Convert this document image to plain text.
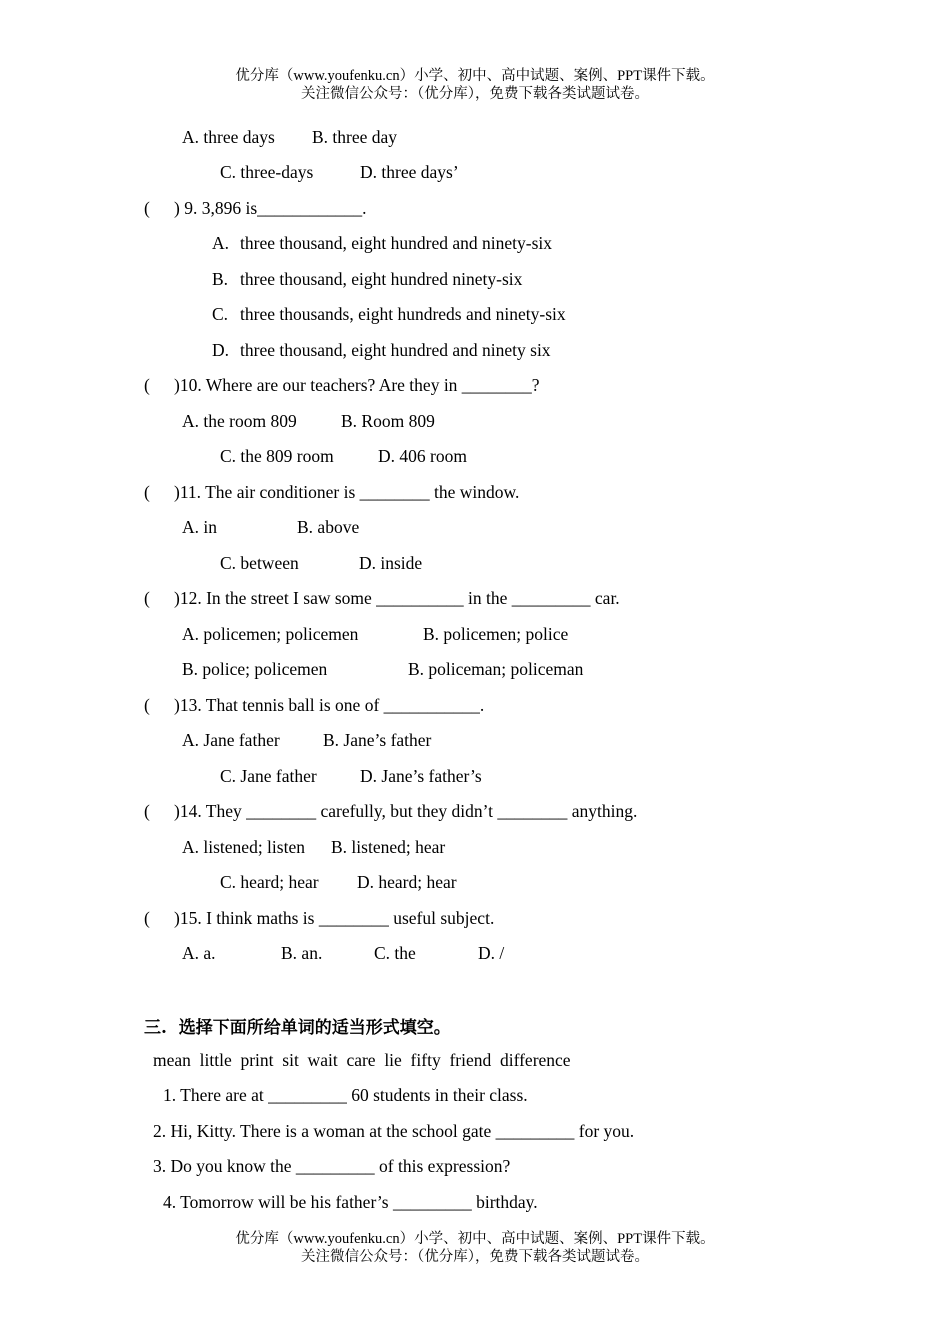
优分库（www.youfenku.cn）小学、初中、高中试题、案例、PPT课件下载。
关注微信公众号：（优分库），免费下载各类试题试卷。
A. three days B. three day
C. three-days	D. three days’
( ) 9. 3,896 is____________.
A. three thousand, eight hundred and ninety-six
B. three thousand, eight hundred ninety-six
C. three thousands, eight hundreds and ninety-six
D. three thousand, eight hundred and ninety six
( )10. Where are our teachers? Are they in ________?
A. the room 809	B. Room 809
C. the 809 room	D. 406 room
( )11. The air conditioner is ________ the window.
A. in	B. above
C. between	D. inside
( )12. In the street I saw some __________ in the _________ car.
A. policemen; policemen	B. policemen; police
B. police; policemen	B. policeman; policeman
( )13. That tennis ball is one of ___________.
A. Jane father B. Jane’s father
C. Jane father D. Jane’s father’s
( )14. They ________ carefully, but they didn’t ________ anything.
A. listened; listen B. listened; hear
C. heard; hear D. heard; hear
( )15. I think maths is ________ useful subject.
A. a.	B. an.	C. the	D. /
三.  选择下面所给单词的适当形式填空。
mean  little  print  sit  wait  care  lie  fifty  friend  difference
1. There are at _________ 60 students in their class.
2. Hi, Kitty. There is a woman at the school gate _________ for you.
3. Do you know the _________ of this expression?
4. Tomorrow will be his father’s _________ birthday.
优分库（www.youfenku.cn）小学、初中、高中试题、案例、PPT课件下载。
关注微信公众号：（优分库），免费下载各类试题试卷。
